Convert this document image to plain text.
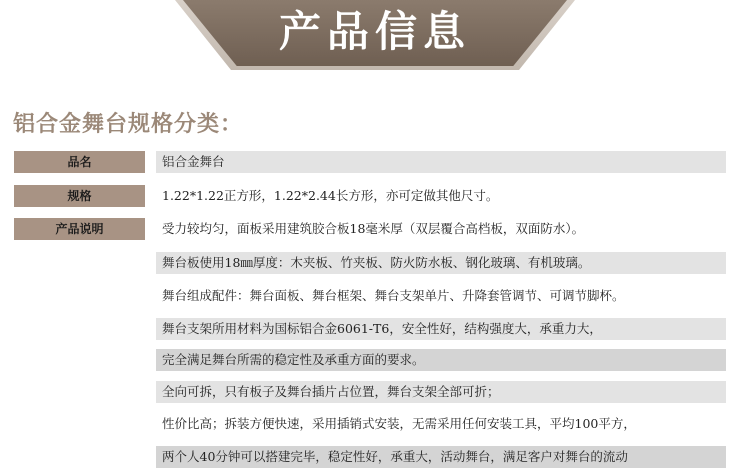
产品信息
铝合金舞台规格分类：
品名	铝合金舞台
规格	1.22*1.22正方形，1.22*2.44长方形，亦可定做其他尺寸。
产品说明	受力较均匀，面板采用建筑胶合板18毫米厚（双层覆合高档板，双面防水）。
舞台板使用18㎜厚度：木夹板、竹夹板、防火防水板、钢化玻璃、有机玻璃。
舞台组成配件：舞台面板、舞台框架、舞台支架单片、升降套管调节、可调节脚杯。
舞台支架所用材料为国标铝合金6061-T6，安全性好，结构强度大，承重力大，
完全满足舞台所需的稳定性及承重方面的要求。
全向可拆，只有板子及舞台插片占位置，舞台支架全部可折；
性价比高；拆装方便快速，采用插销式安装，无需采用任何安装工具，平均100平方，
两个人40分钟可以搭建完毕，稳定性好，承重大，活动舞台，满足客户对舞台的流动
